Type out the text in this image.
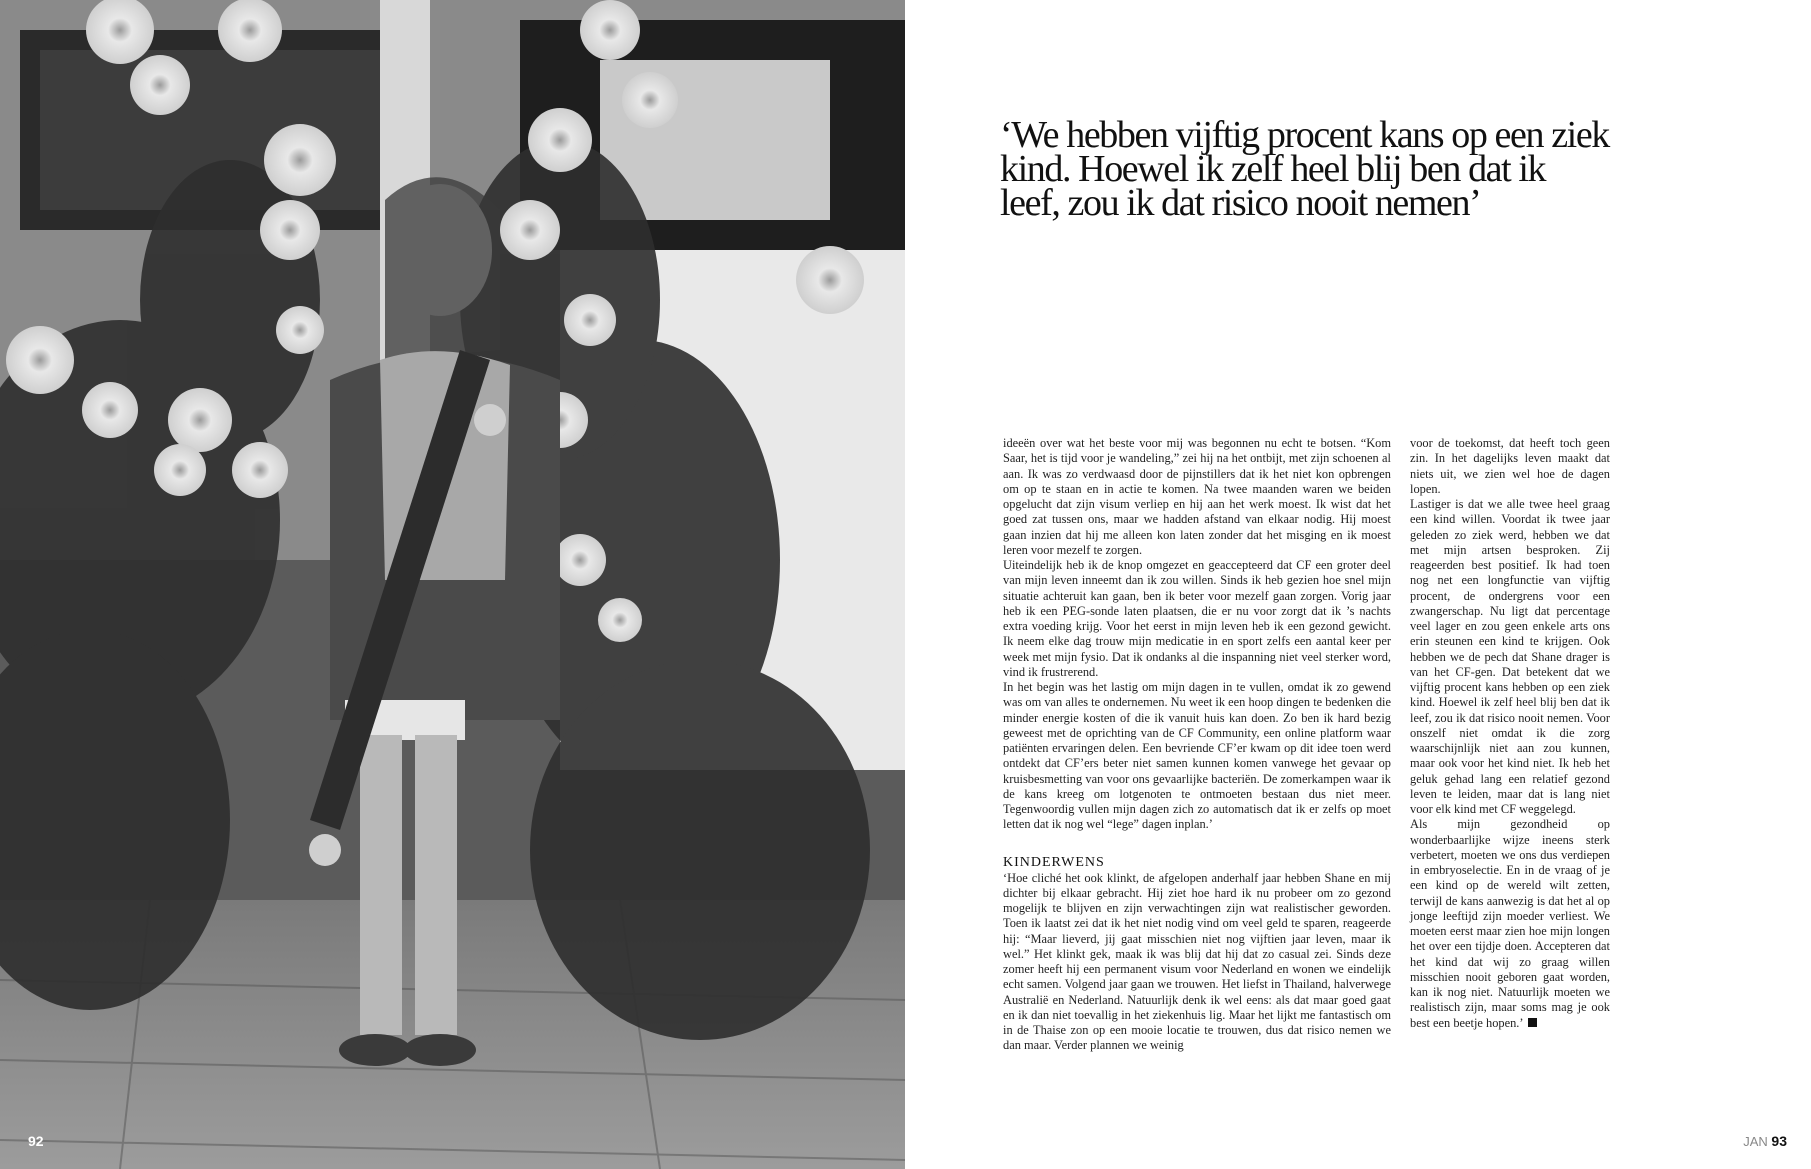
92
‘We hebben vijftig procent kans op een ziek kind. Hoewel ik zelf heel blij ben dat ik leef, zou ik dat risico nooit nemen’

ideeën over wat het beste voor mij was begonnen nu echt te botsen. “Kom Saar, het is tijd voor je wandeling,” zei hij na het ontbijt, met zijn schoenen al aan. Ik was zo verdwaasd door de pijnstillers dat ik het niet kon opbrengen om op te staan en in actie te komen. Na twee maanden waren we beiden opgelucht dat zijn visum verliep en hij aan het werk moest. Ik wist dat het goed zat tussen ons, maar we hadden afstand van elkaar nodig. Hij moest gaan inzien dat hij me alleen kon laten zonder dat het misging en ik moest leren voor mezelf te zorgen.

Uiteindelijk heb ik de knop omgezet en geaccepteerd dat CF een groter deel van mijn leven inneemt dan ik zou willen. Sinds ik heb gezien hoe snel mijn situatie achteruit kan gaan, ben ik beter voor mezelf gaan zorgen. Vorig jaar heb ik een PEG-sonde laten plaatsen, die er nu voor zorgt dat ik ’s nachts extra voeding krijg. Voor het eerst in mijn leven heb ik een gezond gewicht. Ik neem elke dag trouw mijn medicatie in en sport zelfs een aantal keer per week met mijn fysio. Dat ik ondanks al die inspanning niet veel sterker word, vind ik frustrerend.

In het begin was het lastig om mijn dagen in te vullen, omdat ik zo gewend was om van alles te ondernemen. Nu weet ik een hoop dingen te bedenken die minder energie kosten of die ik vanuit huis kan doen. Zo ben ik hard bezig geweest met de oprichting van de CF Community, een online platform waar patiënten ervaringen delen. Een bevriende CF’er kwam op dit idee toen werd ontdekt dat CF’ers beter niet samen kunnen komen vanwege het gevaar op kruisbesmetting van voor ons gevaarlijke bacteriën. De zomerkampen waar ik de kans kreeg om lotgenoten te ontmoeten bestaan dus niet meer. Tegenwoordig vullen mijn dagen zich zo automatisch dat ik er zelfs op moet letten dat ik nog wel “lege” dagen inplan.’

KINDERWENS

‘Hoe cliché het ook klinkt, de afgelopen anderhalf jaar hebben Shane en mij dichter bij elkaar gebracht. Hij ziet hoe hard ik nu probeer om zo gezond mogelijk te blijven en zijn verwachtingen zijn wat realistischer geworden. Toen ik laatst zei dat ik het niet nodig vind om veel geld te sparen, reageerde hij: “Maar lieverd, jij gaat misschien niet nog vijftien jaar leven, maar ik wel.” Het klinkt gek, maak ik was blij dat hij dat zo casual zei. Sinds deze zomer heeft hij een permanent visum voor Nederland en wonen we eindelijk echt samen. Volgend jaar gaan we trouwen. Het liefst in Thailand, halverwege Australië en Nederland. Natuurlijk denk ik wel eens: als dat maar goed gaat en ik dan niet toevallig in het ziekenhuis lig. Maar het lijkt me fantastisch om in de Thaise zon op een mooie locatie te trouwen, dus dat risico nemen we dan maar. Verder plannen we weinig

voor de toekomst, dat heeft toch geen zin. In het dagelijks leven maakt dat niets uit, we zien wel hoe de dagen lopen.

Lastiger is dat we alle twee heel graag een kind willen. Voordat ik twee jaar geleden zo ziek werd, hebben we dat met mijn artsen besproken. Zij reageerden best positief. Ik had toen nog net een longfunctie van vijftig procent, de ondergrens voor een zwangerschap. Nu ligt dat percentage veel lager en zou geen enkele arts ons erin steunen een kind te krijgen. Ook hebben we de pech dat Shane drager is van het CF-gen. Dat betekent dat we vijftig procent kans hebben op een ziek kind. Hoewel ik zelf heel blij ben dat ik leef, zou ik dat risico nooit nemen. Voor onszelf niet omdat ik die zorg waarschijnlijk niet aan zou kunnen, maar ook voor het kind niet. Ik heb het geluk gehad lang een relatief gezond leven te leiden, maar dat is lang niet voor elk kind met CF weggelegd.

Als mijn gezondheid op wonderbaarlijke wijze ineens sterk verbetert, moeten we ons dus verdiepen in embryoselectie. En in de vraag of je een kind op de wereld wilt zetten, terwijl de kans aanwezig is dat het al op jonge leeftijd zijn moeder verliest. We moeten eerst maar zien hoe mijn longen het over een tijdje doen. Accepteren dat het kind dat wij zo graag willen misschien nooit geboren gaat worden, kan ik nog niet. Natuurlijk moeten we realistisch zijn, maar soms mag je ook best een beetje hopen.’

JAN 93
